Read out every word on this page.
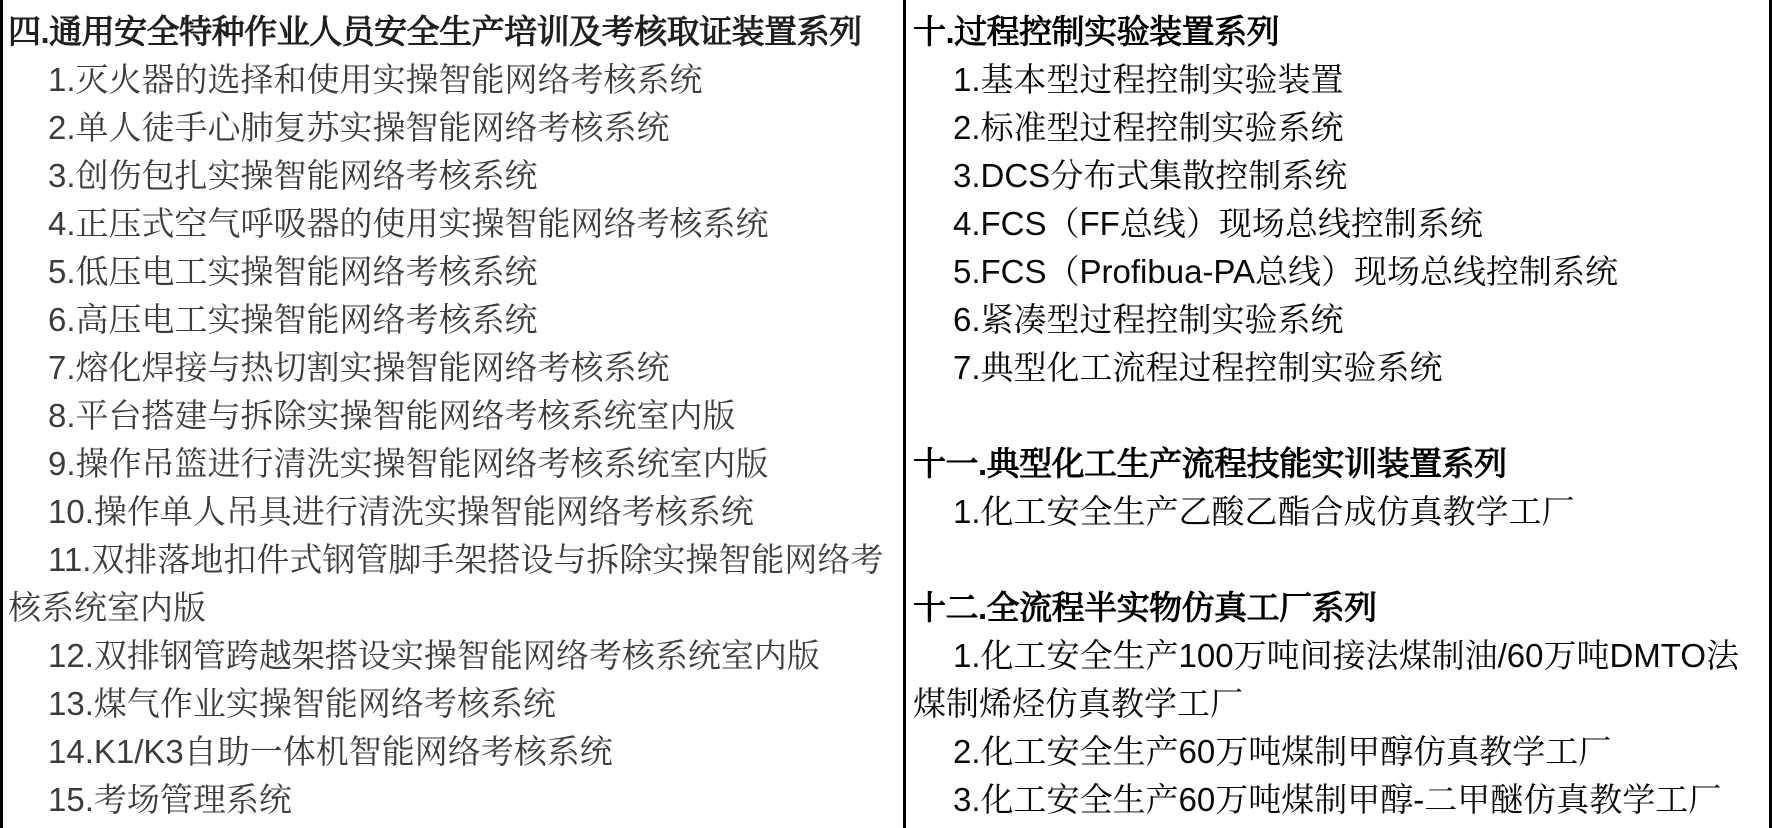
四.通用安全特种作业人员安全生产培训及考核取证装置系列

1.灭火器的选择和使用实操智能网络考核系统

2.单人徒手心肺复苏实操智能网络考核系统

3.创伤包扎实操智能网络考核系统

4.正压式空气呼吸器的使用实操智能网络考核系统

5.低压电工实操智能网络考核系统

6.高压电工实操智能网络考核系统

7.熔化焊接与热切割实操智能网络考核系统

8.平台搭建与拆除实操智能网络考核系统室内版

9.操作吊篮进行清洗实操智能网络考核系统室内版

10.操作单人吊具进行清洗实操智能网络考核系统

11.双排落地扣件式钢管脚手架搭设与拆除实操智能网络考核系统室内版

12.双排钢管跨越架搭设实操智能网络考核系统室内版

13.煤气作业实操智能网络考核系统

14.K1/K3自助一体机智能网络考核系统

15.考场管理系统

十.过程控制实验装置系列

1.基本型过程控制实验装置

2.标准型过程控制实验系统

3.DCS分布式集散控制系统

4.FCS（FF总线）现场总线控制系统

5.FCS（Profibua-PA总线）现场总线控制系统

6.紧凑型过程控制实验系统

7.典型化工流程过程控制实验系统

十一.典型化工生产流程技能实训装置系列

1.化工安全生产乙酸乙酯合成仿真教学工厂

十二.全流程半实物仿真工厂系列

1.化工安全生产100万吨间接法煤制油/60万吨DMTO法煤制烯烃仿真教学工厂

2.化工安全生产60万吨煤制甲醇仿真教学工厂

3.化工安全生产60万吨煤制甲醇-二甲醚仿真教学工厂
